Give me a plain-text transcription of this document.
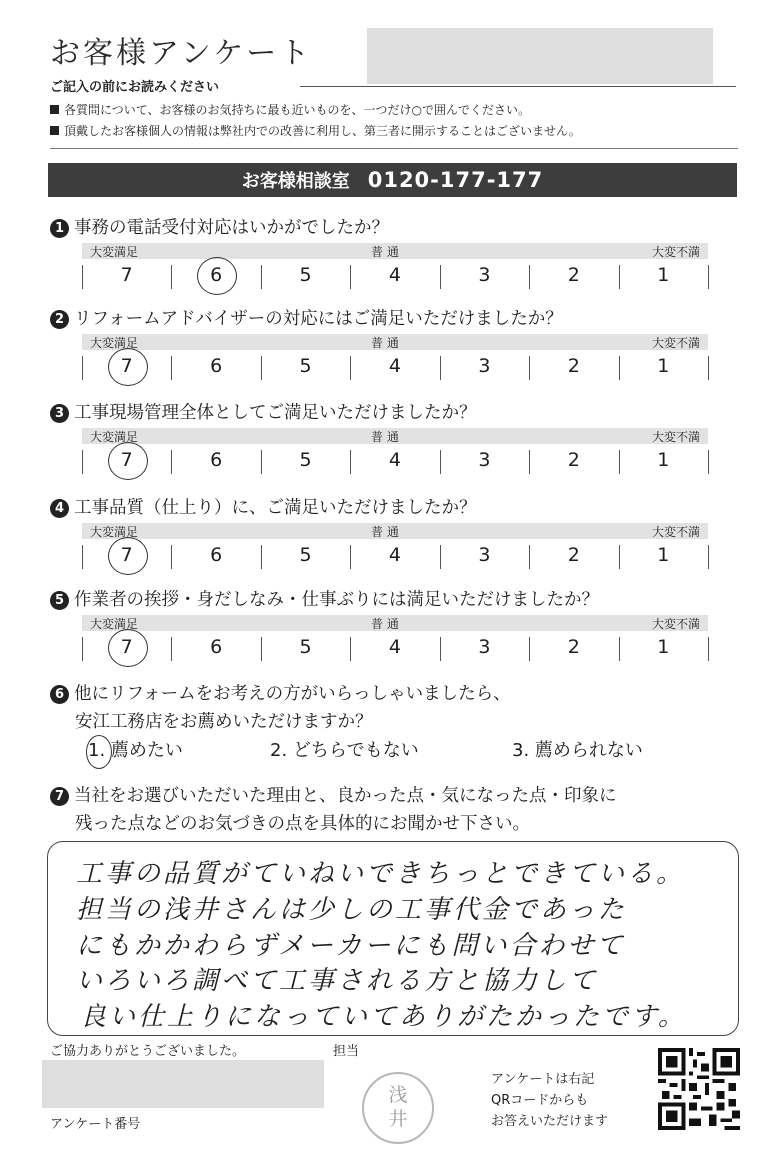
お客様アンケート
ご記入の前にお読みください
各質問について、お客様のお気持ちに最も近いものを、一つだけ○で囲んでください。
頂戴したお客様個人の情報は弊社内での改善に利用し、第三者に開示することはございません。
お客様相談室 0120-177-177
1 事務の電話受付対応はいかがでしたか？
大変満足	普 通	大変不満
7	6	5	4	3	2	1
2 リフォームアドバイザーの対応にはご満足いただけましたか？
大変満足	普 通	大変不満
7	6	5	4	3	2	1
3 工事現場管理全体としてご満足いただけましたか？
大変満足	普 通	大変不満
7	6	5	4	3	2	1
4 工事品質（仕上り）に、ご満足いただけましたか？
大変満足	普 通	大変不満
7	6	5	4	3	2	1
5 作業者の挨拶・身だしなみ・仕事ぶりには満足いただけましたか？
大変満足	普 通	大変不満
7	6	5	4	3	2	1
6 他にリフォームをお考えの方がいらっしゃいましたら、
安江工務店をお薦めいただけますか？
1. 薦めたい	2. どちらでもない	3. 薦められない
7 当社をお選びいただいた理由と、良かった点・気になった点・印象に
残った点などのお気づきの点を具体的にお聞かせ下さい。
工事の品質がていねいできちっとできている。
担当の浅井さんは少しの工事代金であった
にもかかわらずメーカーにも問い合わせて
いろいろ調べて工事される方と協力して
良い仕上りになっていてありがたかったです。
ご協力ありがとうございました。	担当
アンケート番号
浅
井
アンケートは右記
QRコードからも
お答えいただけます
